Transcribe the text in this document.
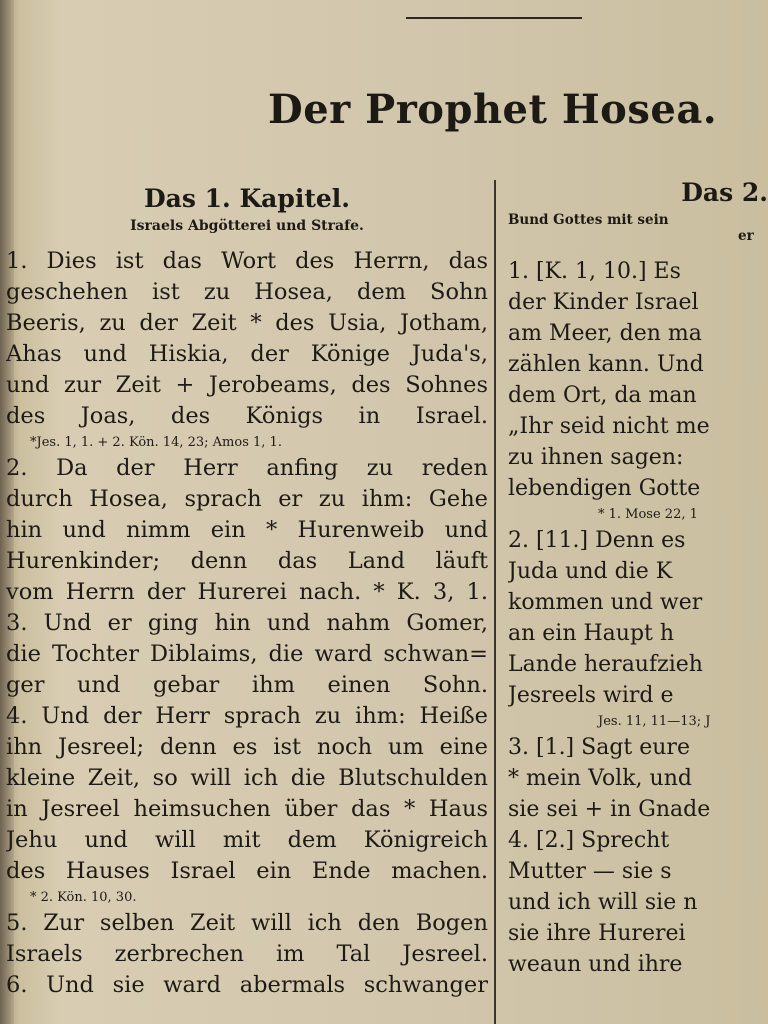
Der Prophet Hosea.
Das 1. Kapitel.
Israels Abgötterei und Strafe.
1. Dies ist das Wort des Herrn, das
geschehen ist zu Hosea, dem Sohn
Beeris, zu der Zeit * des Usia, Jotham,
Ahas und Hiskia, der Könige Juda's,
und zur Zeit + Jerobeams, des Sohnes
des Joas, des Königs in Israel.
*Jes. 1, 1. + 2. Kön. 14, 23; Amos 1, 1.
2. Da der Herr anfing zu reden
durch Hosea, sprach er zu ihm: Gehe
hin und nimm ein * Hurenweib und
Hurenkinder; denn das Land läuft
vom Herrn der Hurerei nach. * K. 3, 1.
3. Und er ging hin und nahm Gomer,
die Tochter Diblaims, die ward schwan=
ger und gebar ihm einen Sohn.
4. Und der Herr sprach zu ihm: Heiße
ihn Jesreel; denn es ist noch um eine
kleine Zeit, so will ich die Blutschulden
in Jesreel heimsuchen über das * Haus
Jehu und will mit dem Königreich
des Hauses Israel ein Ende machen.
* 2. Kön. 10, 30.
5. Zur selben Zeit will ich den Bogen
Israels zerbrechen im Tal Jesreel.
6. Und sie ward abermals schwanger
Das 2.
Bund Gottes mit sein
er
1. [K. 1, 10.] Es
der Kinder Israel
am Meer, den ma
zählen kann. Und
dem Ort, da man
„Ihr seid nicht me
zu ihnen sagen:
lebendigen Gotte
* 1. Mose 22, 1
2. [11.] Denn es
Juda und die K
kommen und wer
an ein Haupt h
Lande heraufzieh
Jesreels wird e
Jes. 11, 11—13; J
3. [1.] Sagt eure
* mein Volk, und
sie sei + in Gnade
4. [2.] Sprecht
Mutter — sie s
und ich will sie n
sie ihre Hurerei
weaun und ihre
